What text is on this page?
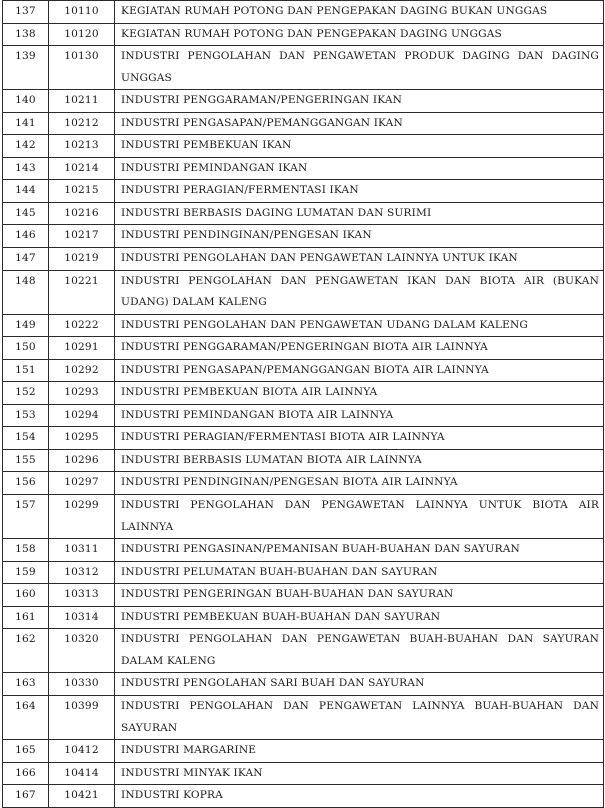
137	10110	KEGIATAN RUMAH POTONG DAN PENGEPAKAN DAGING BUKAN UNGGAS
138	10120	KEGIATAN RUMAH POTONG DAN PENGEPAKAN DAGING UNGGAS
139	10130	INDUSTRI PENGOLAHAN DAN PENGAWETAN PRODUK DAGING DAN DAGING UNGGAS
140	10211	INDUSTRI PENGGARAMAN/PENGERINGAN IKAN
141	10212	INDUSTRI PENGASAPAN/PEMANGGANGAN IKAN
142	10213	INDUSTRI PEMBEKUAN IKAN
143	10214	INDUSTRI PEMINDANGAN IKAN
144	10215	INDUSTRI PERAGIAN/FERMENTASI IKAN
145	10216	INDUSTRI BERBASIS DAGING LUMATAN DAN SURIMI
146	10217	INDUSTRI PENDINGINAN/PENGESAN IKAN
147	10219	INDUSTRI PENGOLAHAN DAN PENGAWETAN LAINNYA UNTUK IKAN
148	10221	INDUSTRI PENGOLAHAN DAN PENGAWETAN IKAN DAN BIOTA AIR (BUKAN UDANG) DALAM KALENG
149	10222	INDUSTRI PENGOLAHAN DAN PENGAWETAN UDANG DALAM KALENG
150	10291	INDUSTRI PENGGARAMAN/PENGERINGAN BIOTA AIR LAINNYA
151	10292	INDUSTRI PENGASAPAN/PEMANGGANGAN BIOTA AIR LAINNYA
152	10293	INDUSTRI PEMBEKUAN BIOTA AIR LAINNYA
153	10294	INDUSTRI PEMINDANGAN BIOTA AIR LAINNYA
154	10295	INDUSTRI PERAGIAN/FERMENTASI BIOTA AIR LAINNYA
155	10296	INDUSTRI BERBASIS LUMATAN BIOTA AIR LAINNYA
156	10297	INDUSTRI PENDINGINAN/PENGESAN BIOTA AIR LAINNYA
157	10299	INDUSTRI PENGOLAHAN DAN PENGAWETAN LAINNYA UNTUK BIOTA AIR LAINNYA
158	10311	INDUSTRI PENGASINAN/PEMANISAN BUAH-BUAHAN DAN SAYURAN
159	10312	INDUSTRI PELUMATAN BUAH-BUAHAN DAN SAYURAN
160	10313	INDUSTRI PENGERINGAN BUAH-BUAHAN DAN SAYURAN
161	10314	INDUSTRI PEMBEKUAN BUAH-BUAHAN DAN SAYURAN
162	10320	INDUSTRI PENGOLAHAN DAN PENGAWETAN BUAH-BUAHAN DAN SAYURAN DALAM KALENG
163	10330	INDUSTRI PENGOLAHAN SARI BUAH DAN SAYURAN
164	10399	INDUSTRI PENGOLAHAN DAN PENGAWETAN LAINNYA BUAH-BUAHAN DAN SAYURAN
165	10412	INDUSTRI MARGARINE
166	10414	INDUSTRI MINYAK IKAN
167	10421	INDUSTRI KOPRA
